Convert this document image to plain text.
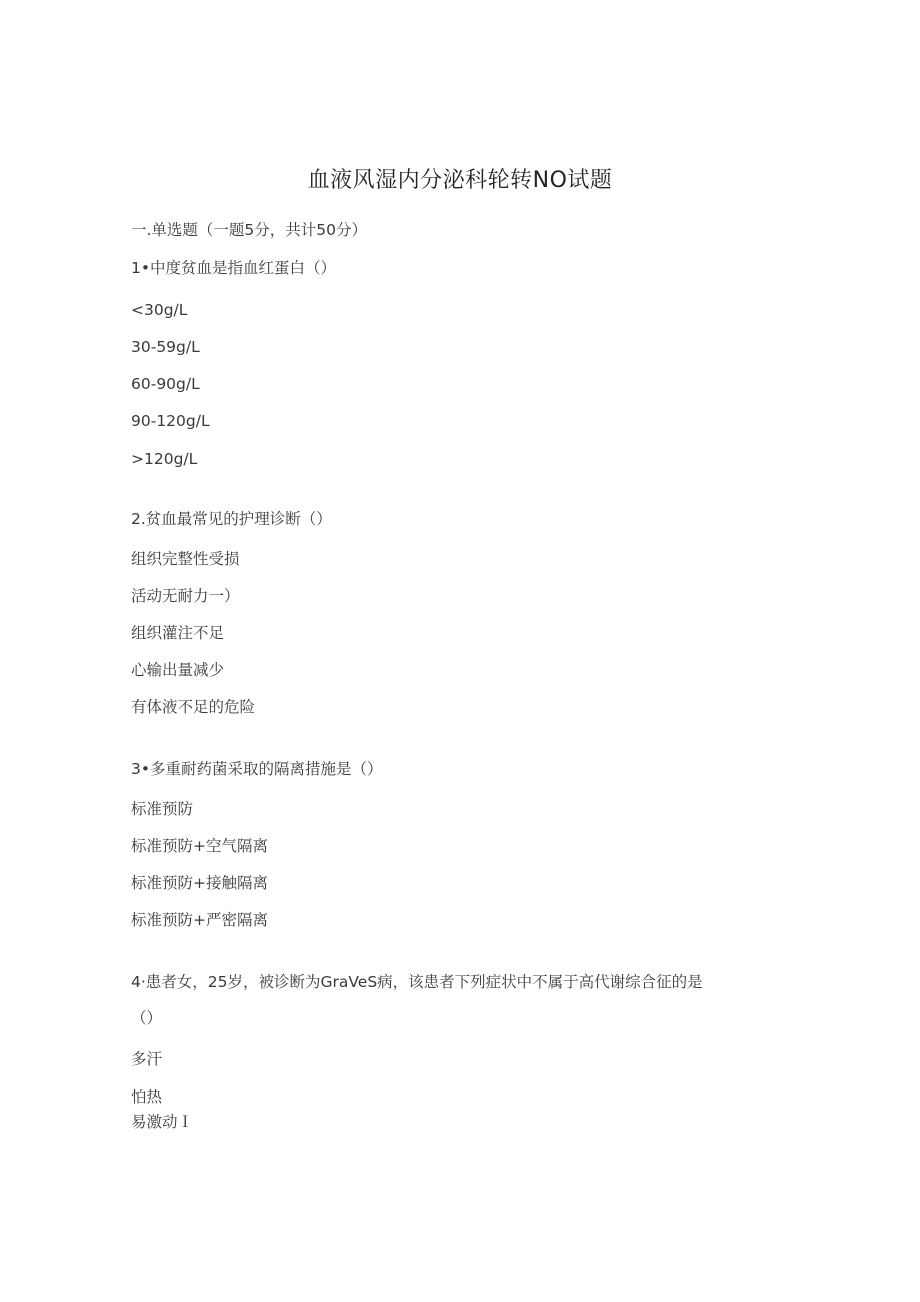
血液风湿内分泌科轮转NO试题
一.单选题（一题5分，共计50分）
1•中度贫血是指血红蛋白（）
<30g∕L
30-59g∕L
60-90g∕L
90-120g∕L
>120g∕L
2.贫血最常见的护理诊断（）
组织完整性受损
活动无耐力一）
组织灌注不足
心输出量减少
有体液不足的危险
3•多重耐药菌采取的隔离措施是（）
标准预防
标准预防+空气隔离
标准预防+接触隔离
标准预防+严密隔离
4·患者女，25岁，被诊断为GraVeS病，该患者下列症状中不属于高代谢综合征的是
（）
多汗
怕热
易激动Ｉ
